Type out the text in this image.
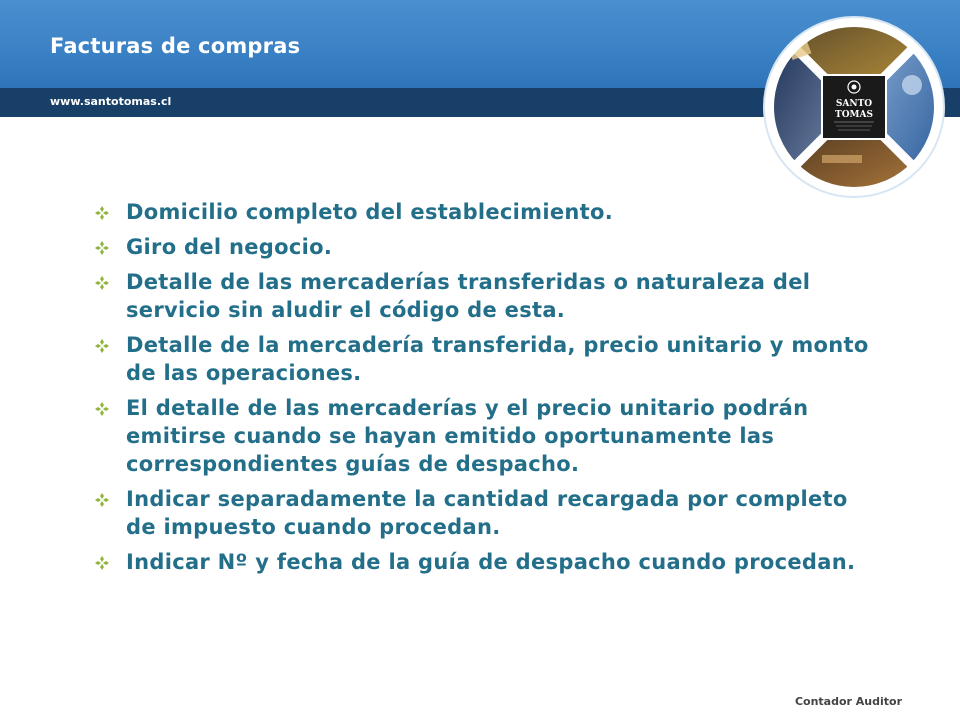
Facturas de compras
www.santotomas.cl	SANTO
TOMAS
Domicilio completo del establecimiento.
Giro del negocio.
Detalle de las mercaderías transferidas o naturaleza del servicio sin aludir el código de esta.
Detalle de la mercadería transferida, precio unitario y monto de las operaciones.
El detalle de las mercaderías y el precio unitario podrán emitirse cuando se hayan emitido oportunamente las correspondientes guías de despacho.
Indicar separadamente la cantidad recargada por completo de impuesto cuando procedan.
Indicar Nº y fecha de la guía de despacho cuando procedan.
Contador Auditor
